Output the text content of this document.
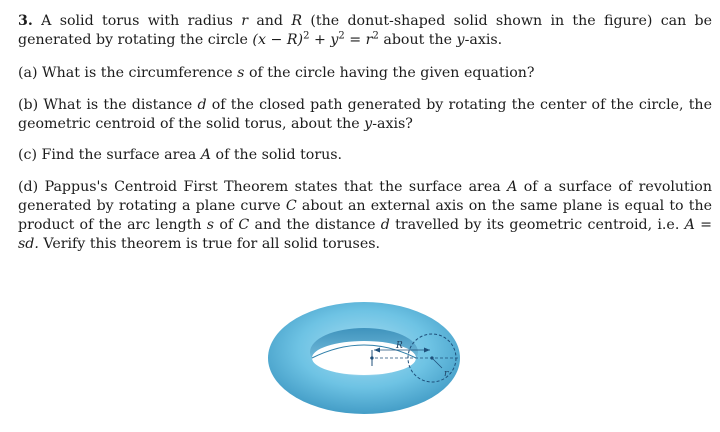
3. A solid torus with radius r and R (the donut-shaped solid shown in the figure) can be generated by rotating the circle $(x - R)^2 + y^2 = r^2$ about the y-axis.
(a) What is the circumference s of the circle having the given equation?
(b) What is the distance d of the closed path generated by rotating the center of the circle, the geometric centroid of the solid torus, about the y-axis?
(c) Find the surface area A of the solid torus.
(d) Pappus's Centroid First Theorem states that the surface area A of a surface of revolution generated by rotating a plane curve C about an external axis on the same plane is equal to the product of the arc length s of C and the distance d travelled by its geometric centroid, i.e. A = sd. Verify this theorem is true for all solid toruses.
R
r
